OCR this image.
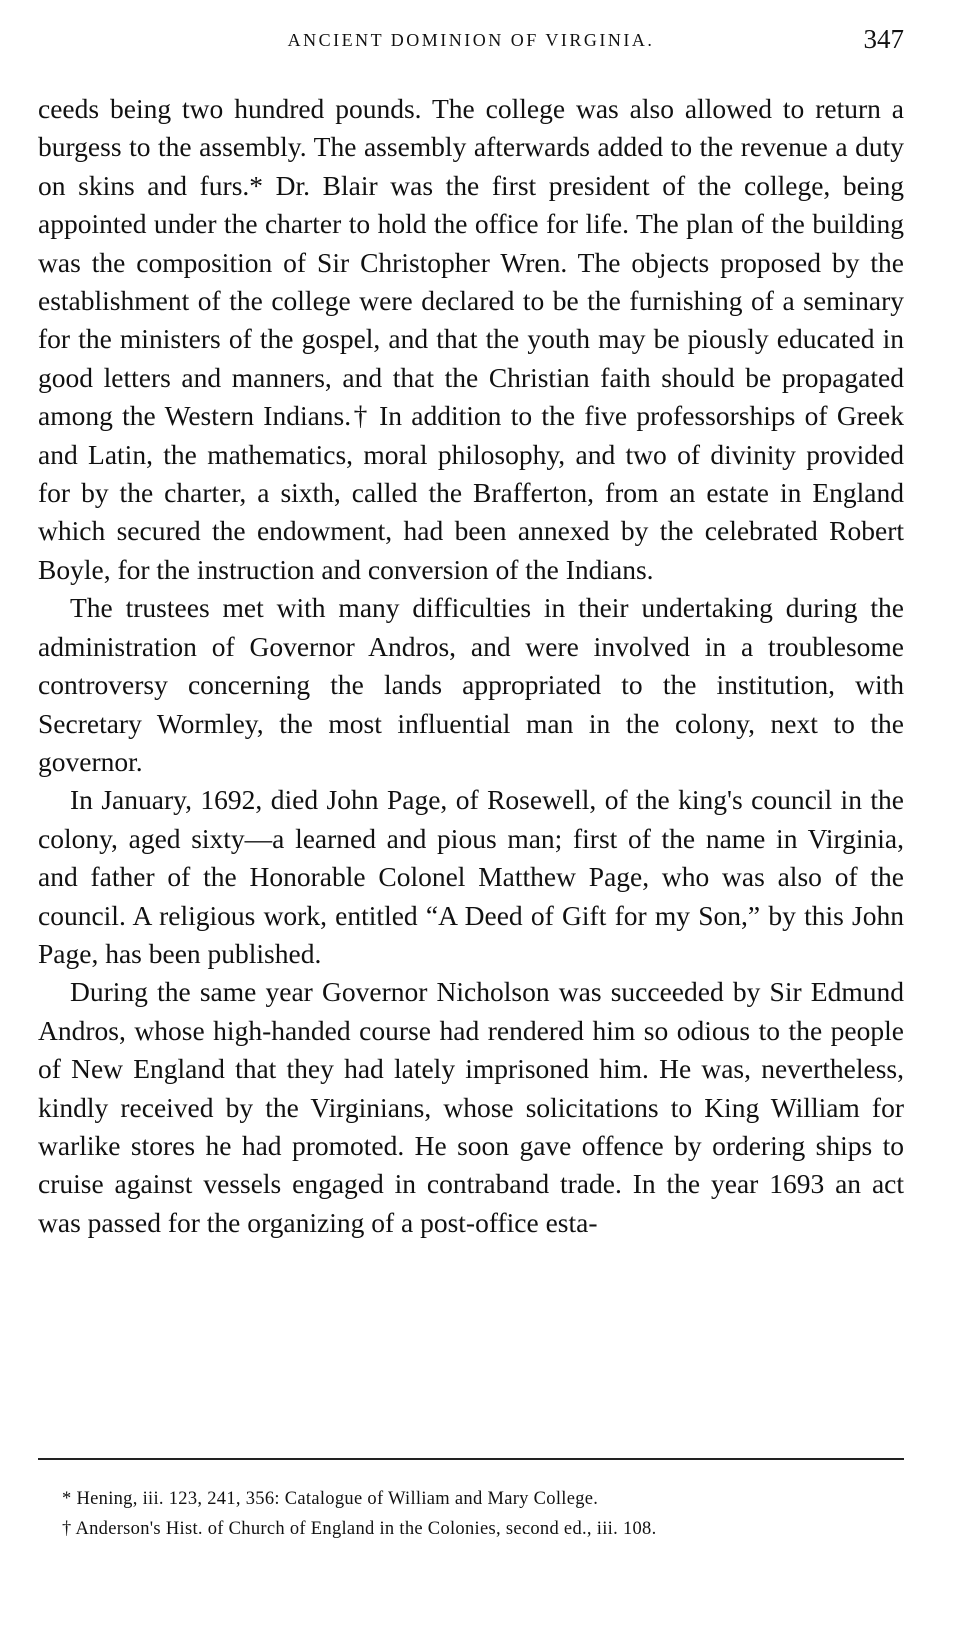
ANCIENT DOMINION OF VIRGINIA.	347

ceeds being two hundred pounds. The college was also allowed to return a burgess to the assembly. The assembly afterwards added to the revenue a duty on skins and furs.* Dr. Blair was the first president of the college, being appointed under the charter to hold the office for life. The plan of the building was the composition of Sir Christopher Wren. The objects proposed by the establishment of the college were declared to be the furnishing of a seminary for the ministers of the gospel, and that the youth may be piously educated in good letters and manners, and that the Christian faith should be propagated among the Western Indians.† In addition to the five professorships of Greek and Latin, the mathematics, moral philosophy, and two of divinity provided for by the charter, a sixth, called the Brafferton, from an estate in England which secured the endowment, had been annexed by the celebrated Robert Boyle, for the instruction and conversion of the Indians.

The trustees met with many difficulties in their undertaking during the administration of Governor Andros, and were involved in a troublesome controversy concerning the lands appropriated to the institution, with Secretary Wormley, the most influential man in the colony, next to the governor.

In January, 1692, died John Page, of Rosewell, of the king's council in the colony, aged sixty—a learned and pious man; first of the name in Virginia, and father of the Honorable Colonel Matthew Page, who was also of the council. A religious work, entitled “A Deed of Gift for my Son,” by this John Page, has been published.

During the same year Governor Nicholson was succeeded by Sir Edmund Andros, whose high-handed course had rendered him so odious to the people of New England that they had lately imprisoned him. He was, nevertheless, kindly received by the Virginians, whose solicitations to King William for warlike stores he had promoted. He soon gave offence by ordering ships to cruise against vessels engaged in contraband trade. In the year 1693 an act was passed for the organizing of a post-office esta-

* Hening, iii. 123, 241, 356: Catalogue of William and Mary College.

† Anderson's Hist. of Church of England in the Colonies, second ed., iii. 108.
